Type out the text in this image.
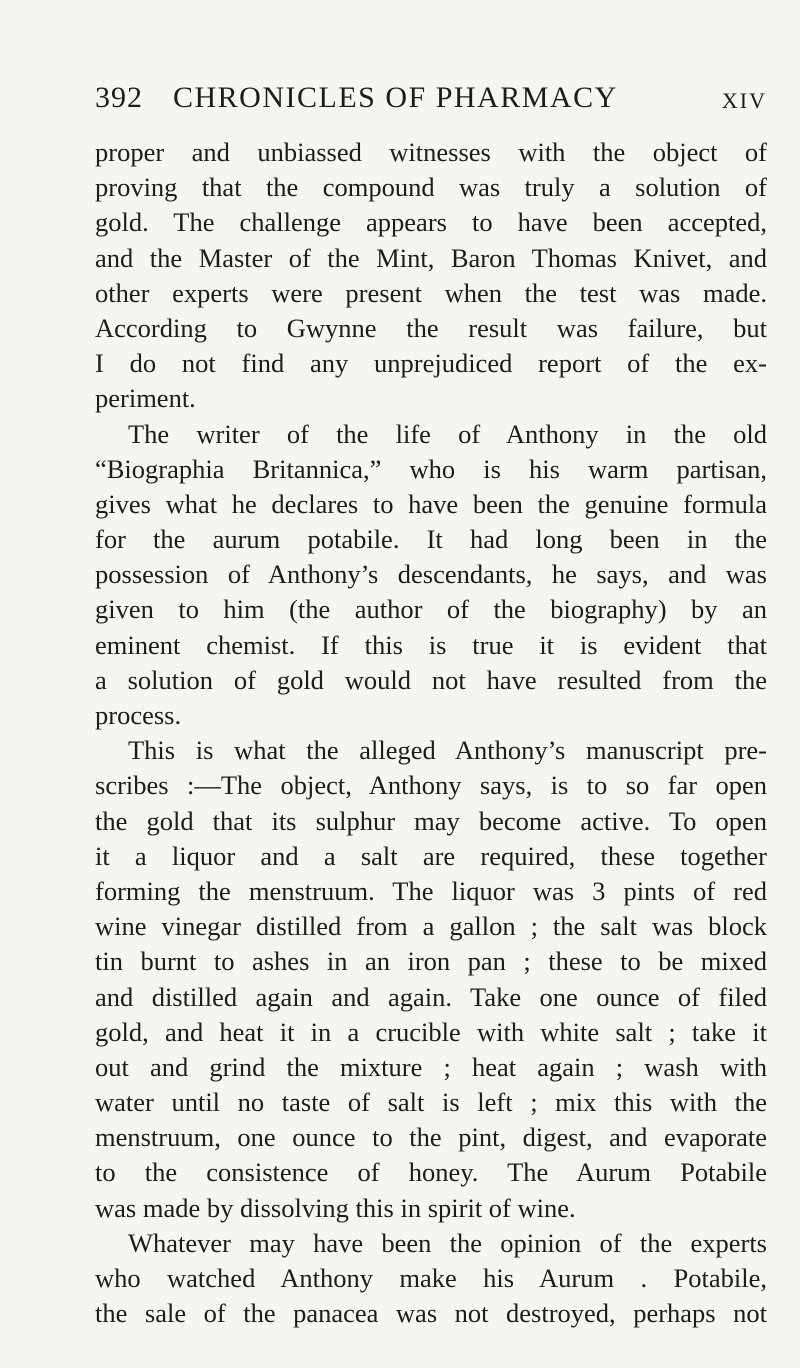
392 CHRONICLES OF PHARMACY	XIV
proper and unbiassed witnesses with the object of
proving that the compound was truly a solution of
gold. The challenge appears to have been accepted,
and the Master of the Mint, Baron Thomas Knivet, and
other experts were present when the test was made.
According to Gwynne the result was failure, but
I do not find any unprejudiced report of the ex-
periment.
The writer of the life of Anthony in the old
“Biographia Britannica,” who is his warm partisan,
gives what he declares to have been the genuine formula
for the aurum potabile. It had long been in the
possession of Anthony’s descendants, he says, and was
given to him (the author of the biography) by an
eminent chemist. If this is true it is evident that
a solution of gold would not have resulted from the
process.
This is what the alleged Anthony’s manuscript pre-
scribes :—The object, Anthony says, is to so far open
the gold that its sulphur may become active. To open
it a liquor and a salt are required, these together
forming the menstruum. The liquor was 3 pints of red
wine vinegar distilled from a gallon ; the salt was block
tin burnt to ashes in an iron pan ; these to be mixed
and distilled again and again. Take one ounce of filed
gold, and heat it in a crucible with white salt ; take it
out and grind the mixture ; heat again ; wash with
water until no taste of salt is left ; mix this with the
menstruum, one ounce to the pint, digest, and evaporate
to the consistence of honey. The Aurum Potabile
was made by dissolving this in spirit of wine.
Whatever may have been the opinion of the experts
who watched Anthony make his Aurum . Potabile,
the sale of the panacea was not destroyed, perhaps not
